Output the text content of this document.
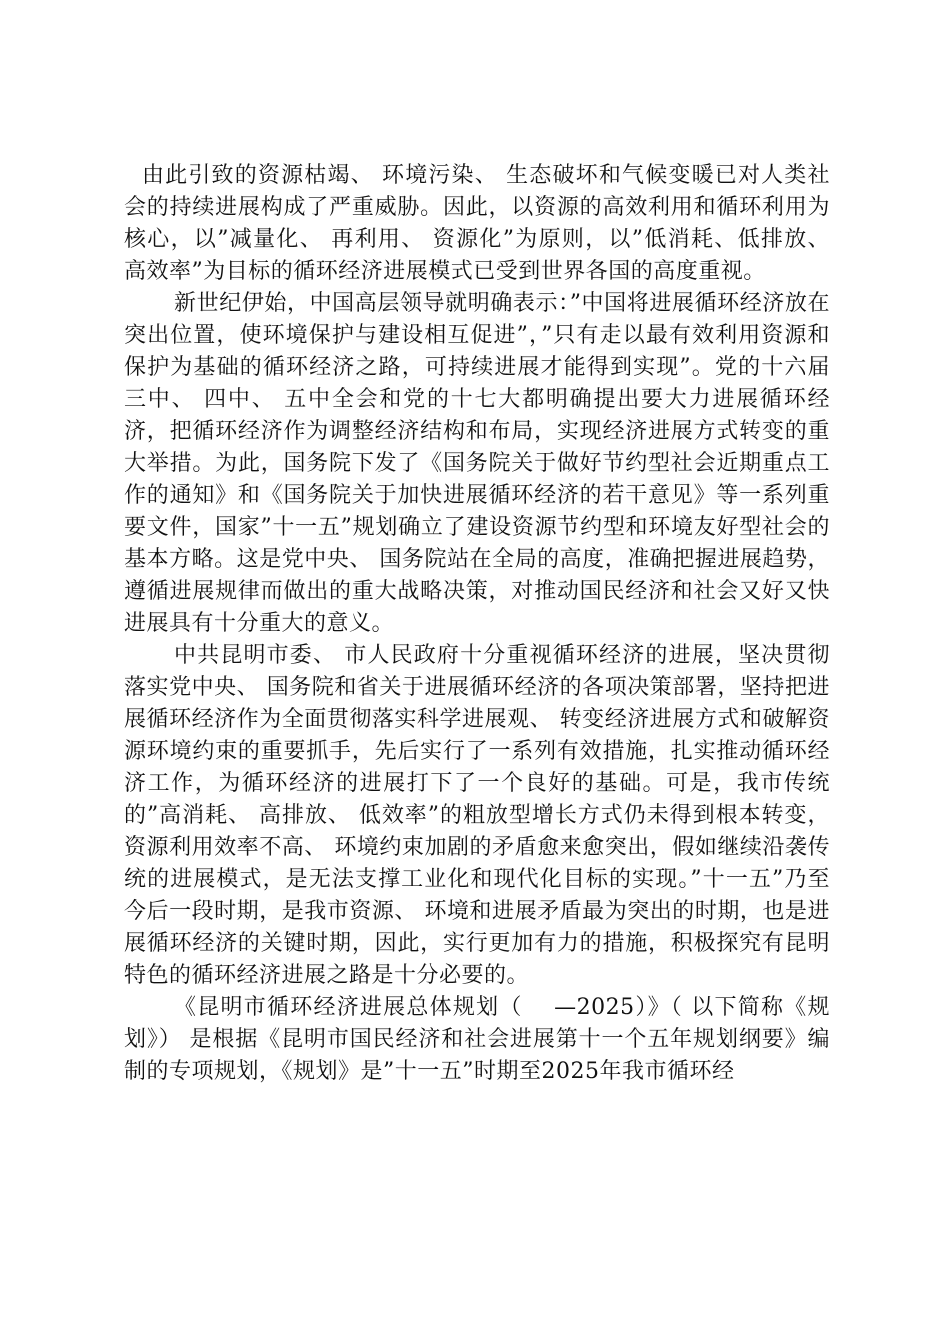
由此引致的资源枯竭、 环境污染、 生态破坏和气候变暖已对人类社会的持续进展构成了严重威胁。因此，以资源的高效利用和循环利用为核心，以”减量化、 再利用、 资源化”为原则，以”低消耗、低排放、 高效率”为目标的循环经济进展模式已受到世界各国的高度重视。

新世纪伊始，中国高层领导就明确表示：”中国将进展循环经济放在突出位置，使环境保护与建设相互促进”，”只有走以最有效利用资源和保护为基础的循环经济之路，可持续进展才能得到实现”。党的十六届三中、 四中、 五中全会和党的十七大都明确提出要大力进展循环经济，把循环经济作为调整经济结构和布局，实现经济进展方式转变的重大举措。为此，国务院下发了《国务院关于做好节约型社会近期重点工作的通知》和《国务院关于加快进展循环经济的若干意见》等一系列重要文件，国家”十一五”规划确立了建设资源节约型和环境友好型社会的基本方略。这是党中央、 国务院站在全局的高度，准确把握进展趋势，遵循进展规律而做出的重大战略决策，对推动国民经济和社会又好又快进展具有十分重大的意义。

中共昆明市委、 市人民政府十分重视循环经济的进展，坚决贯彻落实党中央、 国务院和省关于进展循环经济的各项决策部署，坚持把进展循环经济作为全面贯彻落实科学进展观、 转变经济进展方式和破解资源环境约束的重要抓手，先后实行了一系列有效措施，扎实推动循环经济工作，为循环经济的进展打下了一个良好的基础。可是，我市传统的”高消耗、 高排放、 低效率”的粗放型增长方式仍未得到根本转变，资源利用效率不高、 环境约束加剧的矛盾愈来愈突出，假如继续沿袭传统的进展模式，是无法支撑工业化和现代化目标的实现。”十一五”乃至今后一段时期，是我市资源、 环境和进展矛盾最为突出的时期，也是进展循环经济的关键时期，因此，实行更加有力的措施，积极探究有昆明特色的循环经济进展之路是十分必要的。

《昆明市循环经济进展总体规划（　 —2025）》（ 以下简称《规划》） 是根据《昆明市国民经济和社会进展第十一个五年规划纲要》编制的专项规划，《规划》是”十一五”时期至2025年我市循环经
